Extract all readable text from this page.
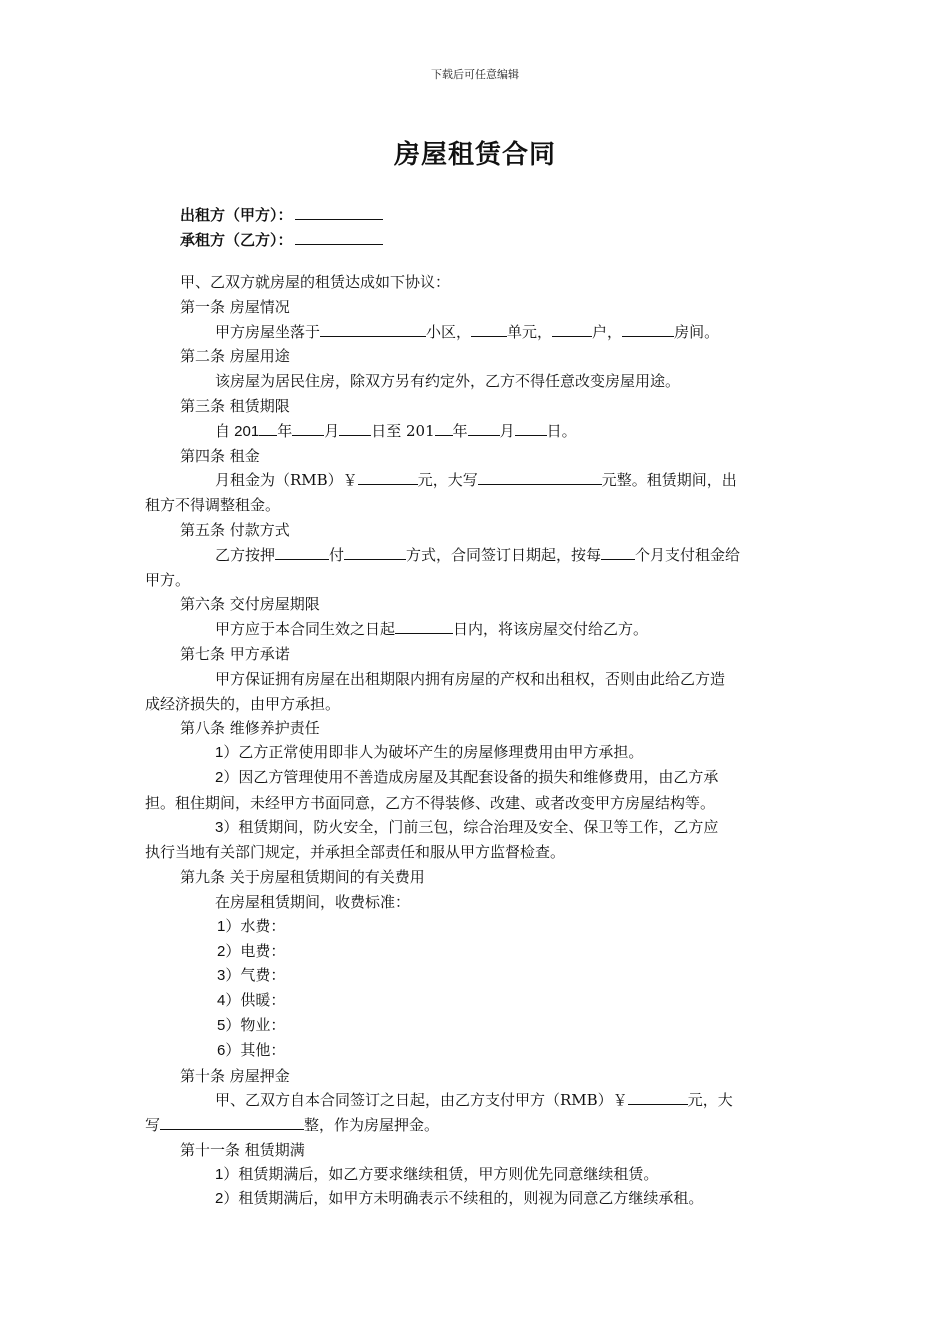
下载后可任意编辑
房屋租赁合同
出租方（甲方）：
承租方（乙方）：
甲、乙双方就房屋的租赁达成如下协议：
第一条 房屋情况
甲方房屋坐落于	小区， 单元，	户，	房间。
第二条 房屋用途
该房屋为居民住房，除双方另有约定外，乙方不得任意改变房屋用途。
第三条 租赁期限
自 201 年 月 日至 201 年 月 日。
第四条 租金
月租金为（RMB）￥	元，大写	元整。租赁期间，出
租方不得调整租金。
第五条 付款方式
乙方按押	付	方式，合同签订日期起，按每 个月支付租金给
甲方。
第六条 交付房屋期限
甲方应于本合同生效之日起	日内，将该房屋交付给乙方。
第七条 甲方承诺
甲方保证拥有房屋在出租期限内拥有房屋的产权和出租权，否则由此给乙方造
成经济损失的，由甲方承担。
第八条 维修养护责任
1）乙方正常使用即非人为破坏产生的房屋修理费用由甲方承担。
2）因乙方管理使用不善造成房屋及其配套设备的损失和维修费用，由乙方承
担。租住期间，未经甲方书面同意，乙方不得装修、改建、或者改变甲方房屋结构等。
3）租赁期间，防火安全，门前三包，综合治理及安全、保卫等工作，乙方应
执行当地有关部门规定，并承担全部责任和服从甲方监督检查。
第九条 关于房屋租赁期间的有关费用
在房屋租赁期间，收费标准：
1）水费：
2）电费：
3）气费：
4）供暖：
5）物业：
6）其他：
第十条 房屋押金
甲、乙双方自本合同签订之日起，由乙方支付甲方（RMB）￥	元，大
写	整，作为房屋押金。
第十一条 租赁期满
1）租赁期满后，如乙方要求继续租赁，甲方则优先同意继续租赁。
2）租赁期满后，如甲方未明确表示不续租的，则视为同意乙方继续承租。
